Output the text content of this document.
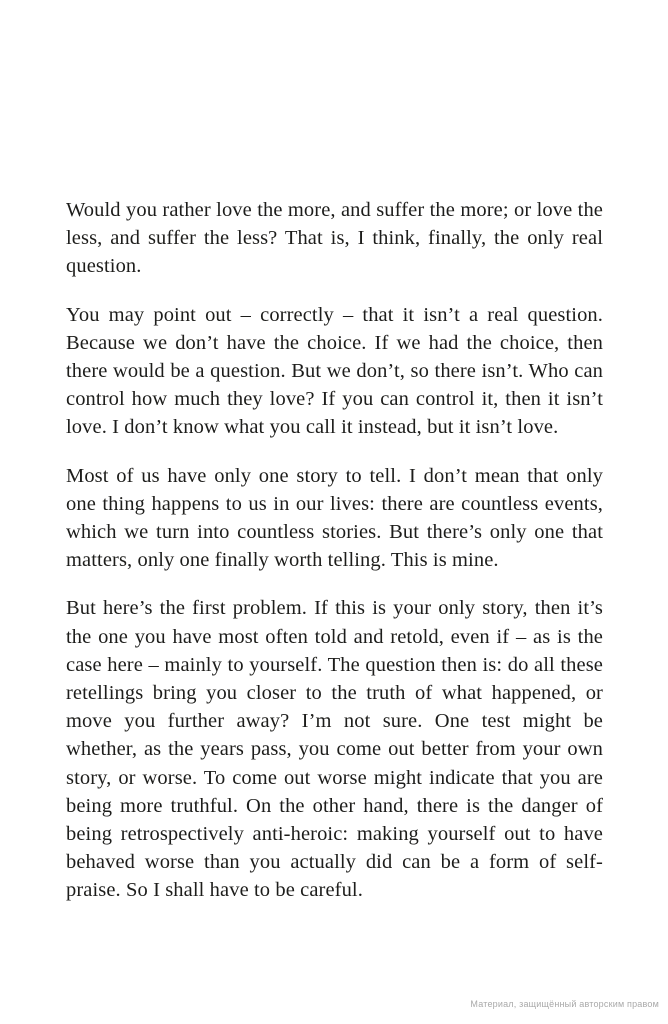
Would you rather love the more, and suffer the more; or love the less, and suffer the less? That is, I think, finally, the only real question.

You may point out – correctly – that it isn’t a real question. Because we don’t have the choice. If we had the choice, then there would be a question. But we don’t, so there isn’t. Who can control how much they love? If you can control it, then it isn’t love. I don’t know what you call it instead, but it isn’t love.

Most of us have only one story to tell. I don’t mean that only one thing happens to us in our lives: there are countless events, which we turn into countless stories. But there’s only one that matters, only one finally worth telling. This is mine.

But here’s the first problem. If this is your only story, then it’s the one you have most often told and retold, even if – as is the case here – mainly to yourself. The question then is: do all these retellings bring you closer to the truth of what happened, or move you further away? I’m not sure. One test might be whether, as the years pass, you come out better from your own story, or worse. To come out worse might indicate that you are being more truthful. On the other hand, there is the danger of being retrospectively anti-heroic: making yourself out to have behaved worse than you actually did can be a form of self-praise. So I shall have to be careful.

Материал, защищённый авторским правом
